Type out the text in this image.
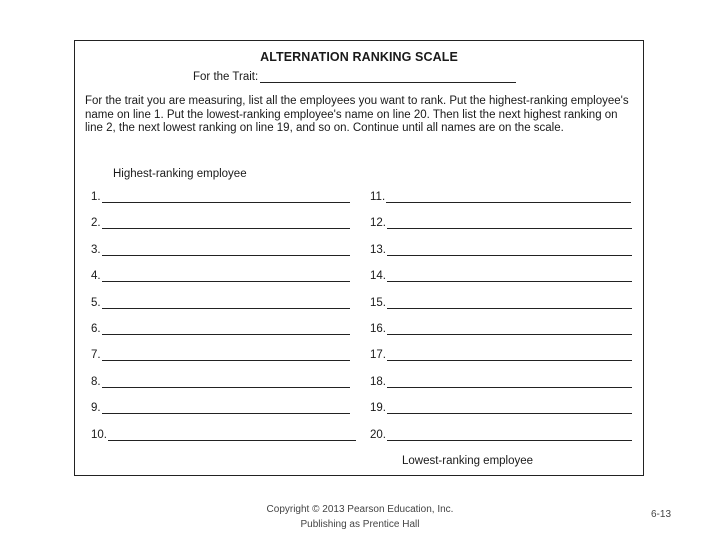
ALTERNATION RANKING SCALE
For the Trait:
For the trait you are measuring, list all the employees you want to rank. Put the highest-ranking employee's name on line 1. Put the lowest-ranking employee's name on line 20. Then list the next highest ranking on line 2, the next lowest ranking on line 19, and so on. Continue until all names are on the scale.
Highest-ranking employee
1.
2.
3.
4.
5.
6.
7.
8.
9.
10.
11.
12.
13.
14.
15.
16.
17.
18.
19.
20.
Lowest-ranking employee
Copyright © 2013 Pearson Education, Inc.
Publishing as Prentice Hall
6-13
